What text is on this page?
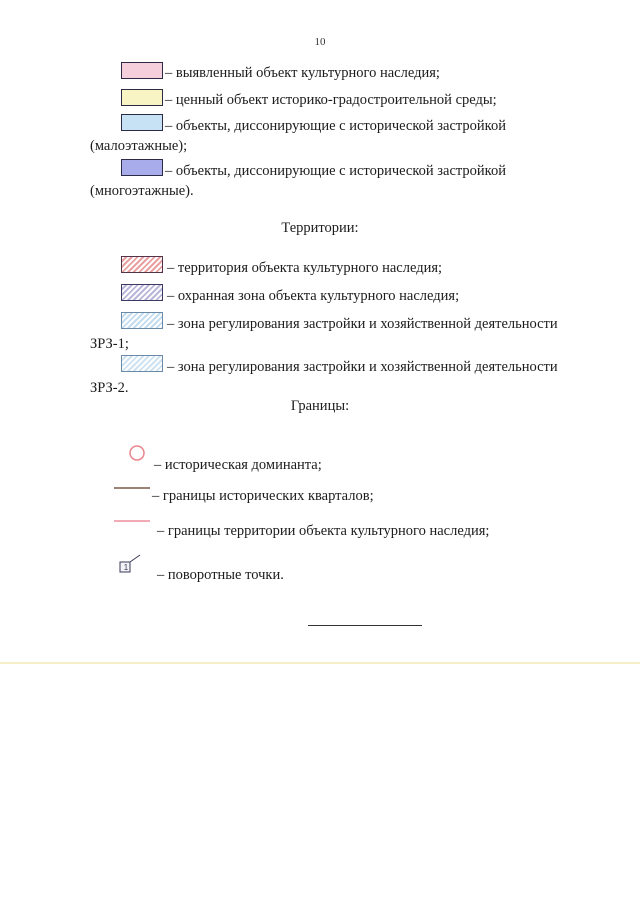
10
– выявленный объект культурного наследия;
– ценный объект историко-градостроительной среды;
– объекты, диссонирующие с исторической застройкой
(малоэтажные);
– объекты, диссонирующие с исторической застройкой
(многоэтажные).
Территории:
– территория объекта культурного наследия;
– охранная зона объекта культурного наследия;
– зона регулирования застройки и хозяйственной деятельности
ЗРЗ-1;
– зона регулирования застройки и хозяйственной деятельности
ЗРЗ-2.
Границы:
– историческая доминанта;
– границы исторических кварталов;
– границы территории объекта культурного наследия;
1 – поворотные точки.
